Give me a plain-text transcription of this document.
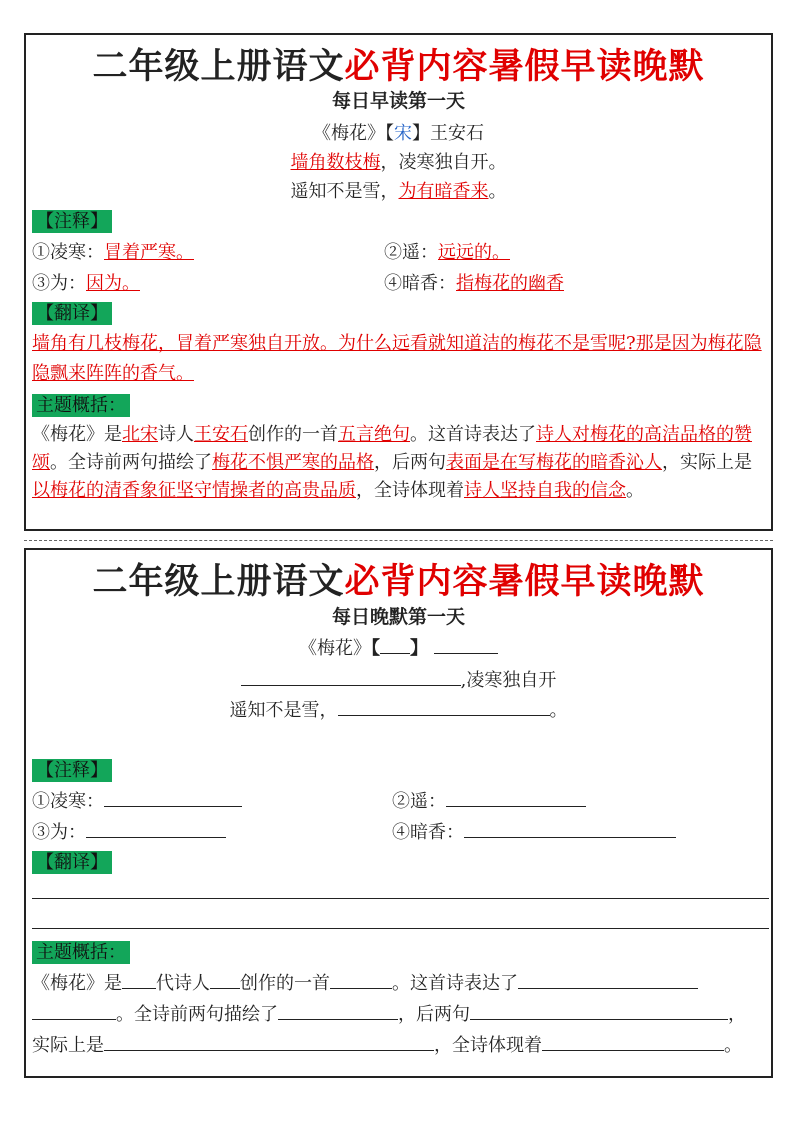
二年级上册语文必背内容暑假早读晚默
每日早读第一天
《梅花》【宋】王安石
墙角数枝梅，凌寒独自开。
遥知不是雪，为有暗香来。
【注释】
①凌寒：冒着严寒。	②遥：远远的。
③为：因为。	④暗香：指梅花的幽香
【翻译】
墙角有几枝梅花，冒着严寒独自开放。为什么远看就知道洁的梅花不是雪呢?那是因为梅花隐隐飘来阵阵的香气。
主题概括：
《梅花》是北宋诗人王安石创作的一首五言绝句。这首诗表达了诗人对梅花的高洁品格的赞颂。全诗前两句描绘了梅花不惧严寒的品格，后两句表面是在写梅花的暗香沁人，实际上是以梅花的清香象征坚守情操者的高贵品质，全诗体现着诗人坚持自我的信念。
二年级上册语文必背内容暑假早读晚默
每日晚默第一天
《梅花》【 】
,凌寒独自开
遥知不是雪，	。
【注释】
①凌寒：	②遥：
③为：	④暗香：
【翻译】
主题概括：
《梅花》是 代诗人 创作的一首	。这首诗表达了
。全诗前两句描绘了	，后两句	，
实际上是	，全诗体现着	。
